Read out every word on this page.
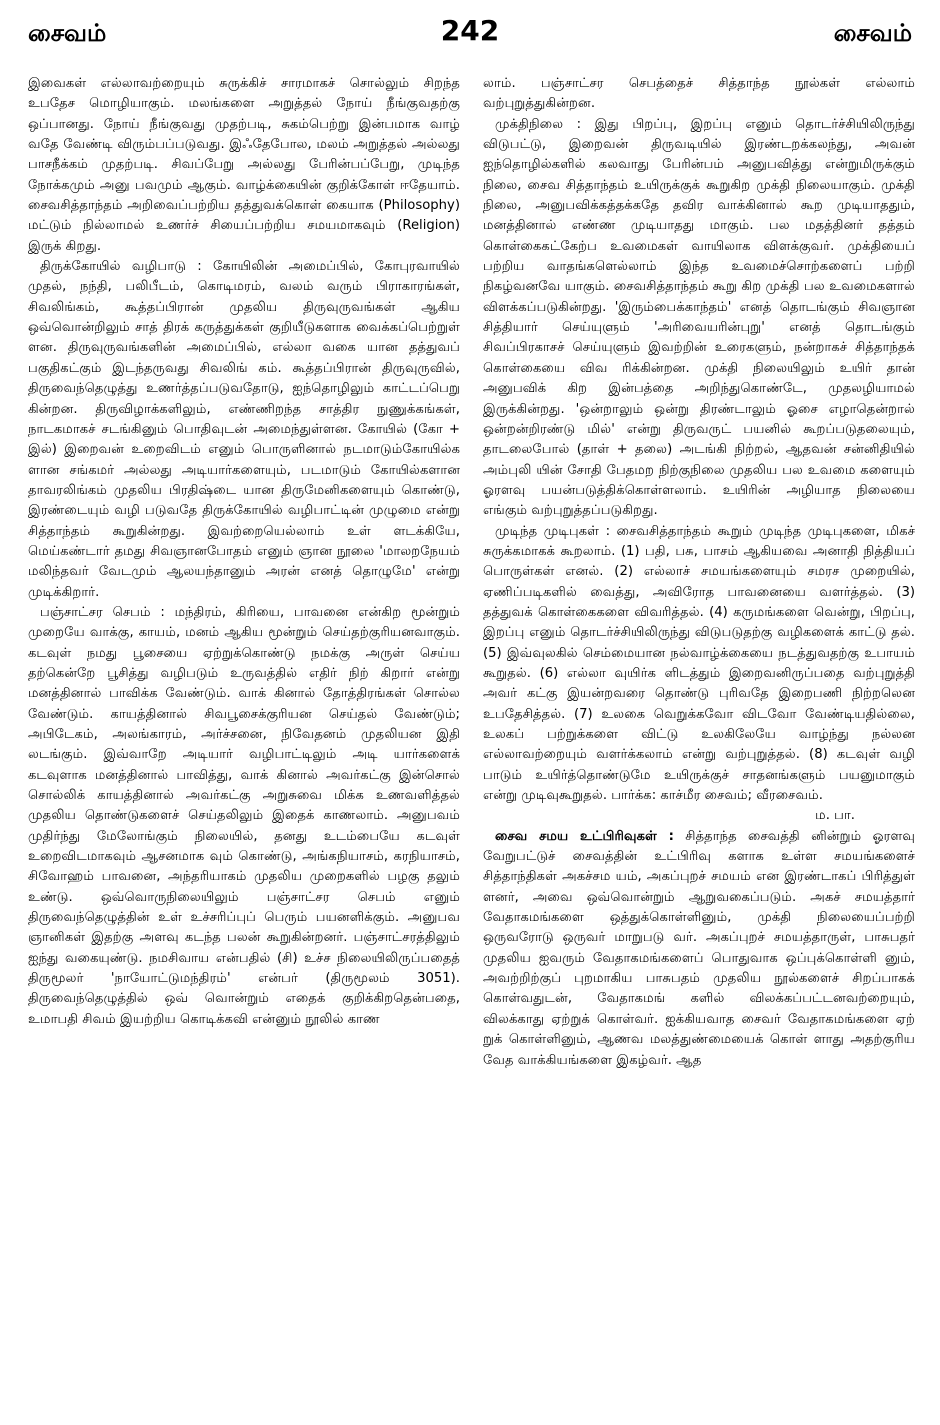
சைவம்	242	சைவம்

இவைகள் எல்லாவற்றையும் சுருக்கிச் சாரமாகச் சொல்லும் சிறந்த உபதேச மொழியாகும். மலங்களை அறுத்தல் நோய் நீங்குவதற்கு ஒப்பானது. நோய் நீங்குவது முதற்படி, சுகம்பெற்று இன்பமாக வாழ் வதே வேண்டி விரும்பப்படுவது. இஃதேபோல, மலம் அறுத்தல் அல்லது பாசநீக்கம் முதற்படி. சிவப்பேறு அல்லது பேரின்பப்பேறு, முடிந்த நோக்கமும் அனு பவமும் ஆகும். வாழ்க்கையின் குறிக்கோள் ஈதேயாம். சைவசித்தாந்தம் அறிவைப்பற்றிய தத்துவக்கொள் கையாக (Philosophy) மட்டும் நில்லாமல் உணர்ச் சியைப்பற்றிய சமயமாகவும் (Religion) இருக் கிறது.

திருக்கோயில் வழிபாடு : கோயிலின் அமைப்பில், கோபுரவாயில் முதல், நந்தி, பலிபீடம், கொடிமரம், வலம் வரும் பிராகாரங்கள், சிவலிங்கம், கூத்தப்பிரான் முதலிய திருவுருவங்கள் ஆகிய ஒவ்வொன்றிலும் சாத் திரக் கருத்துக்கள் குறியீடுகளாக வைக்கப்பெற்றுள் ளன. திருவுருவங்களின் அமைப்பில், எல்லா வகை யான தத்துவப் பகுதிகட்கும் இடந்தருவது சிவலிங் கம். கூத்தப்பிரான் திருவுருவில், திருவைந்தெழுத்து உணர்த்தப்படுவதோடு, ஐந்தொழிலும் காட்டப்பெறு கின்றன. திருவிழாக்களிலும், எண்ணிறந்த சாத்திர நுணுக்கங்கள், நாடகமாகச் சடங்கினும் பொதிவுடன் அமைந்துள்ளன. கோயில் (கோ + இல்) இறைவன் உறைவிடம் எனும் பொருளினால் நடமாடும்கோயில்க ளான சங்கமர் அல்லது அடியார்களையும், படமாடும் கோயில்களான தாவரலிங்கம் முதலிய பிரதிஷ்டை யான திருமேனிகளையும் கொண்டு, இரண்டையும் வழி படுவதே திருக்கோயில் வழிபாட்டின் முழுமை என்று சித்தாந்தம் கூறுகின்றது. இவற்றையெல்லாம் உள் ளடக்கியே, மெய்கண்டார் தமது சிவஞானபோதம் எனும் ஞான நூலை 'மாலறநேயம் மலிந்தவர் வேடமும் ஆலயந்தானும் அரன் எனத் தொழுமே' என்று முடிக்கிறார்.

பஞ்சாட்சர செபம் : மந்திரம், கிரியை, பாவனை என்கிற மூன்றும் முறையே வாக்கு, காயம், மனம் ஆகிய மூன்றும் செய்தற்குரியனவாகும். கடவுள் நமது பூசையை ஏற்றுக்கொண்டு நமக்கு அருள் செய்ய தற்கென்றே பூசித்து வழிபடும் உருவத்தில் எதிர் நிற் கிறார் என்று மனத்தினால் பாவிக்க வேண்டும். வாக் கினால் தோத்திரங்கள் சொல்ல வேண்டும். காயத்தினால் சிவபூசைக்குரியன செய்தல் வேண்டும்; அபிடேகம், அலங்காரம், அர்ச்சனை, நிவேதனம் முதலியன இதி லடங்கும். இவ்வாறே அடியார் வழிபாட்டிலும் அடி யார்களைக் கடவுளாக மனத்தினால் பாவித்து, வாக் கினால் அவர்கட்கு இன்சொல் சொல்லிக் காயத்தினால் அவர்கட்கு அறுசுவை மிக்க உணவளித்தல் முதலிய தொண்டுகளைச் செய்தலிலும் இதைக் காணலாம். அனுபவம் முதிர்ந்து மேலோங்கும் நிலையில், தனது உடம்பையே கடவுள் உறைவிடமாகவும் ஆசனமாக வும் கொண்டு, அங்கநியாசம், கரநியாசம், சிவோஹம் பாவனை, அந்தரியாகம் முதலிய முறைகளில் பழகு தலும் உண்டு. ஒவ்வொருநிலையிலும் பஞ்சாட்சர செபம் எனும் திருவைந்தெழுத்தின் உள் உச்சரிப்புப் பெரும் பயனளிக்கும். அனுபவ ஞானிகள் இதற்கு அளவு கடந்த பலன் கூறுகின்றனர். பஞ்சாட்சரத்திலும் ஐந்து வகையுண்டு. நமசிவாய என்பதில் (சி) உச்ச நிலையிலிருப்பதைத் திருமூலர் 'நாயோட்டுமந்திரம்' என்பர் (திருமூலம் 3051). திருவைந்தெழுத்தில் ஒவ் வொன்றும் எதைக் குறிக்கிறதென்பதை, உமாபதி சிவம் இயற்றிய கொடிக்கவி என்னும் நூலில் காண

லாம். பஞ்சாட்சர செபத்தைச் சித்தாந்த நூல்கள் எல்லாம் வற்புறுத்துகின்றன.

முக்திநிலை : இது பிறப்பு, இறப்பு எனும் தொடர்ச்சியிலிருந்து விடுபட்டு, இறைவன் திருவடியில் இரண்டறக்கலந்து, அவன் ஐந்தொழில்களில் கலவாது பேரின்பம் அனுபவித்து என்றுமிருக்கும் நிலை, சைவ சித்தாந்தம் உயிருக்குக் கூறுகிற முக்தி நிலையாகும். முக்தி நிலை, அனுபவிக்கத்தக்கதே தவிர வாக்கினால் கூற முடியாததும், மனத்தினால் எண்ண முடியாதது மாகும். பல மதத்தினர் தத்தம் கொள்கைகட்கேற்ப உவமைகள் வாயிலாக விளக்குவர். முக்தியைப் பற்றிய வாதங்களெல்லாம் இந்த உவமைச்சொற்களைப் பற்றி நிகழ்வனவே யாகும். சைவசித்தாந்தம் கூறு கிற முக்தி பல உவமைகளால் விளக்கப்படுகின்றது. 'இரும்பைக்காந்தம்' எனத் தொடங்கும் சிவஞான சித்தியார் செய்யுளும் 'அரிவையரின்புறு' எனத் தொடங்கும் சிவப்பிரகாசச் செய்யுளும் இவற்றின் உரைகளும், நன்றாகச் சித்தாந்தக் கொள்கையை விவ ரிக்கின்றன. முக்தி நிலையிலும் உயிர் தான் அனுபவிக் கிற இன்பத்தை அறிந்துகொண்டே, முதலழியாமல் இருக்கின்றது. 'ஒன்றாலும் ஒன்று திரண்டாலும் ஓசை எழாதென்றால் ஒன்றன்றிரண்டு மில்' என்று திருவருட் பயனில் கூறப்படுதலையும், தாடலைபோல் (தாள் + தலை) அடங்கி நிற்றல், ஆதவன் சன்னிதியில் அம்புலி யின் சோதி பேதமற நிற்குநிலை முதலிய பல உவமை களையும் ஓரளவு பயன்படுத்திக்கொள்ளலாம். உயிரின் அழியாத நிலையை எங்கும் வற்புறுத்தப்படுகிறது.

முடிந்த முடிபுகள் : சைவசித்தாந்தம் கூறும் முடிந்த முடிபுகளை, மிகச் சுருக்கமாகக் கூறலாம். (1) பதி, பசு, பாசம் ஆகியவை அனாதி நித்தியப் பொருள்கள் எனல். (2) எல்லாச் சமயங்களையும் சமரச முறையில், ஏணிப்படிகளில் வைத்து, அவிரோத பாவனையை வளர்த்தல். (3) தத்துவக் கொள்கைகளை விவரித்தல். (4) கருமங்களை வென்று, பிறப்பு, இறப்பு எனும் தொடர்ச்சியிலிருந்து விடுபடுதற்கு வழிகளைக் காட்டு தல். (5) இவ்வுலகில் செம்மையான நல்வாழ்க்கையை நடத்துவதற்கு உபாயம் கூறுதல். (6) எல்லா வுயிர்க ளிடத்தும் இறைவனிருப்பதை வற்புறுத்தி அவர் கட்கு இயன்றவரை தொண்டு புரிவதே இறைபணி நிற்றலென உபதேசித்தல். (7) உலகை வெறுக்கவோ விடவோ வேண்டியதில்லை, உலகப் பற்றுக்களை விட்டு உலகிலேயே வாழ்ந்து நல்லன எல்லாவற்றையும் வளர்க்கலாம் என்று வற்புறுத்தல். (8) கடவுள் வழி பாடும் உயிர்த்தொண்டுமே உயிருக்குச் சாதனங்களும் பயனுமாகும் என்று முடிவுகூறுதல். பார்க்க: காச்மீர சைவம்; வீரசைவம்.

ம. பா.

சைவ சமய உட்பிரிவுகள் : சித்தாந்த சைவத்தி னின்றும் ஓரளவு வேறுபட்டுச் சைவத்தின் உட்பிரிவு களாக உள்ள சமயங்களைச் சித்தாந்திகள் அகச்சம யம், அகப்புறச் சமயம் என இரண்டாகப் பிரித்துள் ளனர், அவை ஒவ்வொன்றும் ஆறுவகைப்படும். அகச் சமயத்தார் வேதாகமங்களை ஒத்துக்கொள்ளினும், முக்தி நிலையைப்பற்றி ஒருவரோடு ஒருவர் மாறுபடு வர். அகப்புறச் சமயத்தாருள், பாசுபதர் முதலிய ஐவரும் வேதாகமங்களைப் பொதுவாக ஒப்புக்கொள்ளி னும், அவற்றிற்குப் புறமாகிய பாசுபதம் முதலிய நூல்களைச் சிறப்பாகக் கொள்வதுடன், வேதாகமங் களில் விலக்கப்பட்டனவற்றையும், விலக்காது ஏற்றுக் கொள்வர். ஐக்கியவாத சைவர் வேதாகமங்களை ஏற் றுக் கொள்ளினும், ஆணவ மலத்துண்மையைக் கொள் ளாது அதற்குரிய வேத வாக்கியங்களை இகழ்வர். ஆத
